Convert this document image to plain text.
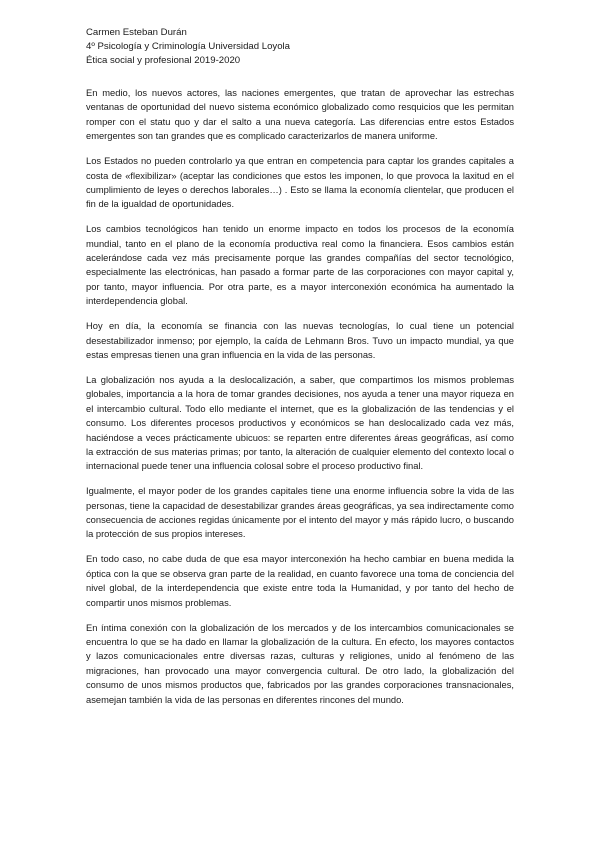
Carmen Esteban Durán
4º Psicología y Criminología Universidad Loyola
Ética social y profesional 2019-2020

En medio, los nuevos actores, las naciones emergentes, que tratan de aprovechar las estrechas ventanas de oportunidad del nuevo sistema económico globalizado como resquicios que les permitan romper con el statu quo y dar el salto a una nueva categoría. Las diferencias entre estos Estados emergentes son tan grandes que es complicado caracterizarlos de manera uniforme.

Los Estados no pueden controlarlo ya que entran en competencia para captar los grandes capitales a costa de «flexibilizar» (aceptar las condiciones que estos les imponen, lo que provoca la laxitud en el cumplimiento de leyes o derechos laborales…) . Esto se llama la economía clientelar, que producen el fin de la igualdad de oportunidades.

Los cambios tecnológicos han tenido un enorme impacto en todos los procesos de la economía mundial, tanto en el plano de la economía productiva real como la financiera. Esos cambios están acelerándose cada vez más precisamente porque las grandes compañías del sector tecnológico, especialmente las electrónicas, han pasado a formar parte de las corporaciones con mayor capital y, por tanto, mayor influencia. Por otra parte, es a mayor interconexión económica ha aumentado la interdependencia global.

Hoy en día, la economía se financia con las nuevas tecnologías, lo cual tiene un potencial desestabilizador inmenso; por ejemplo, la caída de Lehmann Bros. Tuvo un impacto mundial, ya que estas empresas tienen una gran influencia en la vida de las personas.

La globalización nos ayuda a la deslocalización, a saber, que compartimos los mismos problemas globales, importancia a la hora de tomar grandes decisiones, nos ayuda a tener una mayor riqueza en el intercambio cultural. Todo ello mediante el internet, que es la globalización de las tendencias y el consumo. Los diferentes procesos productivos y económicos se han deslocalizado cada vez más, haciéndose a veces prácticamente ubicuos: se reparten entre diferentes áreas geográficas, así como la extracción de sus materias primas; por tanto, la alteración de cualquier elemento del contexto local o internacional puede tener una influencia colosal sobre el proceso productivo final.

Igualmente, el mayor poder de los grandes capitales tiene una enorme influencia sobre la vida de las personas, tiene la capacidad de desestabilizar grandes áreas geográficas, ya sea indirectamente como consecuencia de acciones regidas únicamente por el intento del mayor y más rápido lucro, o buscando la protección de sus propios intereses.

En todo caso, no cabe duda de que esa mayor interconexión ha hecho cambiar en buena medida la óptica con la que se observa gran parte de la realidad, en cuanto favorece una toma de conciencia del nivel global, de la interdependencia que existe entre toda la Humanidad, y por tanto del hecho de compartir unos mismos problemas.

En íntima conexión con la globalización de los mercados y de los intercambios comunicacionales se encuentra lo que se ha dado en llamar la globalización de la cultura. En efecto, los mayores contactos y lazos comunicacionales entre diversas razas, culturas y religiones, unido al fenómeno de las migraciones, han provocado una mayor convergencia cultural. De otro lado, la globalización del consumo de unos mismos productos que, fabricados por las grandes corporaciones transnacionales, asemejan también la vida de las personas en diferentes rincones del mundo.
